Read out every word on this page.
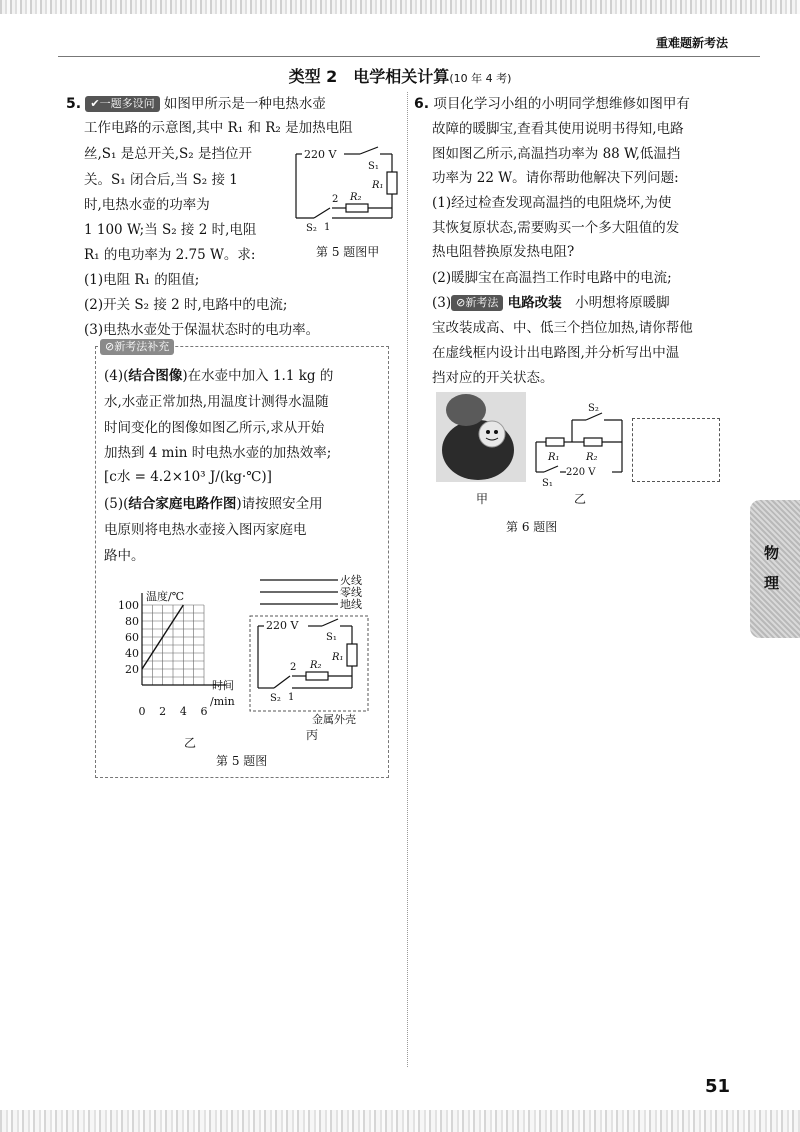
重难题新考法
类型 2　电学相关计算(10 年 4 考)
5. ✔一题多设问 如图甲所示是一种电热水壶
工作电路的示意图,其中 R₁ 和 R₂ 是加热电阻
丝,S₁ 是总开关,S₂ 是挡位开
关。S₁ 闭合后,当 S₂ 接 1
时,电热水壶的功率为
1 100 W;当 S₂ 接 2 时,电阻
R₁ 的电功率为 2.75 W。求:
(1)电阻 R₁ 的阻值;
(2)开关 S₂ 接 2 时,电路中的电流;
(3)电热水壶处于保温状态时的电功率。
220 V
S₁
R₁
R₂
2
1
S₂
第 5 题图甲
⊘新考法补充
(4)(结合图像)在水壶中加入 1.1 kg 的
水,水壶正常加热,用温度计测得水温随
时间变化的图像如图乙所示,求从开始
加热到 4 min 时电热水壶的加热效率;
[c水 = 4.2×10³ J/(kg·℃)]
(5)(结合家庭电路作图)请按照安全用
电原则将电热水壶接入图丙家庭电
路中。
温度/℃
100
80
60
40
20
0 2 4 6
时间
/min
乙
火线
零线
地线
220 V
S₁
R₁
R₂
2
1
S₂
金属外壳
丙
第 5 题图
6. 项目化学习小组的小明同学想维修如图甲有
故障的暖脚宝,查看其使用说明书得知,电路
图如图乙所示,高温挡功率为 88 W,低温挡
功率为 22 W。请你帮助他解决下列问题:
(1)经过检查发现高温挡的电阻烧坏,为使
其恢复原状态,需要购买一个多大阻值的发
热电阻替换原发热电阻?
(2)暖脚宝在高温挡工作时电路中的电流;
(3) ⊘新考法 电路改装　小明想将原暖脚
宝改装成高、中、低三个挡位加热,请你帮他
在虚线框内设计出电路图,并分析写出中温
挡对应的开关状态。
甲
R₁
S₂
R₂
S₁
220 V
乙
第 6 题图
物
理
51
